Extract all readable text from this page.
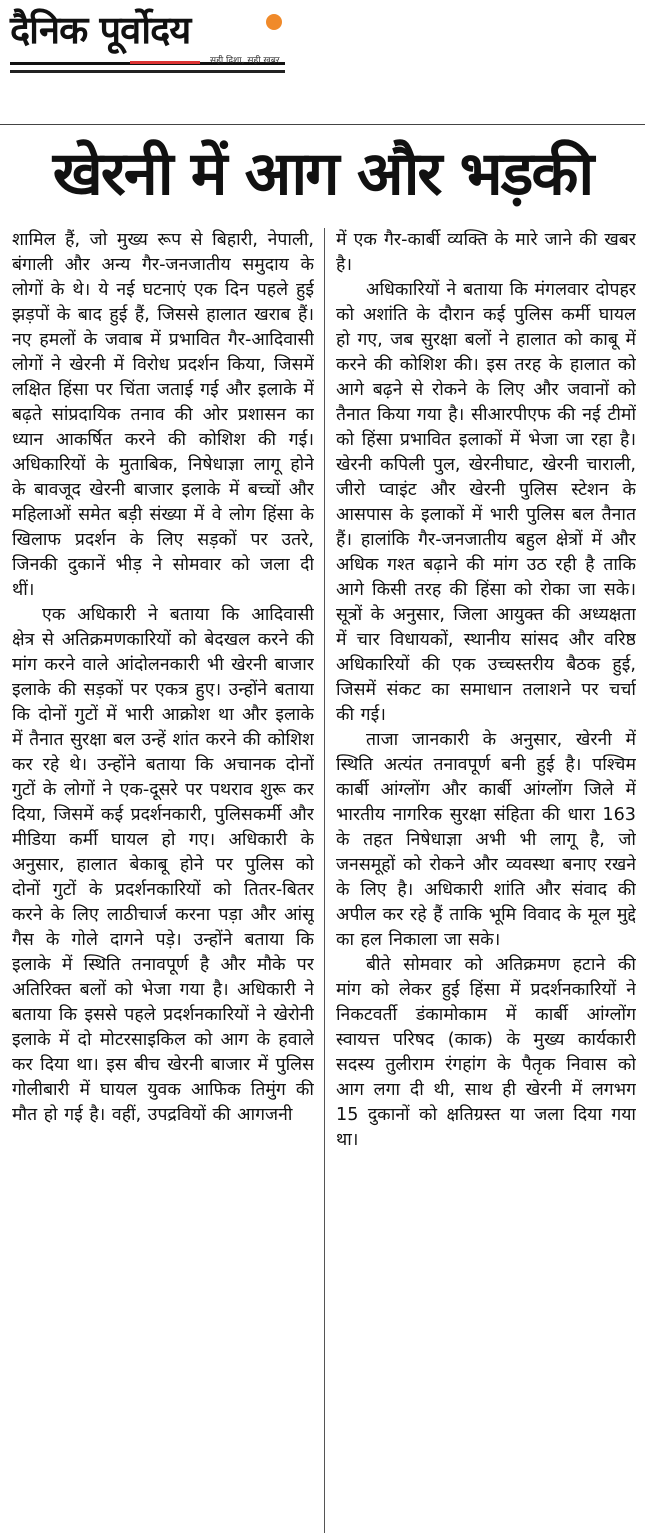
दैनिक पूर्वोदय
सही दिशा, सही खबर
खेरनी में आग और भड़की

शामिल हैं, जो मुख्य रूप से बिहारी, नेपाली, बंगाली और अन्य गैर-जनजातीय समुदाय के लोगों के थे। ये नई घटनाएं एक दिन पहले हुई झड़पों के बाद हुई हैं, जिससे हालात खराब हैं। नए हमलों के जवाब में प्रभावित गैर-आदिवासी लोगों ने खेरनी में विरोध प्रदर्शन किया, जिसमें लक्षित हिंसा पर चिंता जताई गई और इलाके में बढ़ते सांप्रदायिक तनाव की ओर प्रशासन का ध्यान आकर्षित करने की कोशिश की गई। अधिकारियों के मुताबिक, निषेधाज्ञा लागू होने के बावजूद खेरनी बाजार इलाके में बच्चों और महिलाओं समेत बड़ी संख्या में वे लोग हिंसा के खिलाफ प्रदर्शन के लिए सड़कों पर उतरे, जिनकी दुकानें भीड़ ने सोमवार को जला दी थीं।

एक अधिकारी ने बताया कि आदिवासी क्षेत्र से अतिक्रमणकारियों को बेदखल करने की मांग करने वाले आंदोलनकारी भी खेरनी बाजार इलाके की सड़कों पर एकत्र हुए। उन्होंने बताया कि दोनों गुटों में भारी आक्रोश था और इलाके में तैनात सुरक्षा बल उन्हें शांत करने की कोशिश कर रहे थे। उन्होंने बताया कि अचानक दोनों गुटों के लोगों ने एक-दूसरे पर पथराव शुरू कर दिया, जिसमें कई प्रदर्शनकारी, पुलिसकर्मी और मीडिया कर्मी घायल हो गए। अधिकारी के अनुसार, हालात बेकाबू होने पर पुलिस को दोनों गुटों के प्रदर्शनकारियों को तितर-बितर करने के लिए लाठीचार्ज करना पड़ा और आंसू गैस के गोले दागने पड़े। उन्होंने बताया कि इलाके में स्थिति तनावपूर्ण है और मौके पर अतिरिक्त बलों को भेजा गया है। अधिकारी ने बताया कि इससे पहले प्रदर्शनकारियों ने खेरोनी इलाके में दो मोटरसाइकिल को आग के हवाले कर दिया था। इस बीच खेरनी बाजार में पुलिस गोलीबारी में घायल युवक आफिक तिमुंग की मौत हो गई है। वहीं, उपद्रवियों की आगजनी

में एक गैर-कार्बी व्यक्ति के मारे जाने की खबर है।

अधिकारियों ने बताया कि मंगलवार दोपहर को अशांति के दौरान कई पुलिस कर्मी घायल हो गए, जब सुरक्षा बलों ने हालात को काबू में करने की कोशिश की। इस तरह के हालात को आगे बढ़ने से रोकने के लिए और जवानों को तैनात किया गया है। सीआरपीएफ की नई टीमों को हिंसा प्रभावित इलाकों में भेजा जा रहा है। खेरनी कपिली पुल, खेरनीघाट, खेरनी चाराली, जीरो प्वाइंट और खेरनी पुलिस स्टेशन के आसपास के इलाकों में भारी पुलिस बल तैनात हैं। हालांकि गैर-जनजातीय बहुल क्षेत्रों में और अधिक गश्त बढ़ाने की मांग उठ रही है ताकि आगे किसी तरह की हिंसा को रोका जा सके। सूत्रों के अनुसार, जिला आयुक्त की अध्यक्षता में चार विधायकों, स्थानीय सांसद और वरिष्ठ अधिकारियों की एक उच्चस्तरीय बैठक हुई, जिसमें संकट का समाधान तलाशने पर चर्चा की गई।

ताजा जानकारी के अनुसार, खेरनी में स्थिति अत्यंत तनावपूर्ण बनी हुई है। पश्चिम कार्बी आंग्लोंग और कार्बी आंग्लोंग जिले में भारतीय नागरिक सुरक्षा संहिता की धारा 163 के तहत निषेधाज्ञा अभी भी लागू है, जो जनसमूहों को रोकने और व्यवस्था बनाए रखने के लिए है। अधिकारी शांति और संवाद की अपील कर रहे हैं ताकि भूमि विवाद के मूल मुद्दे का हल निकाला जा सके।

बीते सोमवार को अतिक्रमण हटाने की मांग को लेकर हुई हिंसा में प्रदर्शनकारियों ने निकटवर्ती डंकामोकाम में कार्बी आंग्लोंग स्वायत्त परिषद (काक) के मुख्य कार्यकारी सदस्य तुलीराम रंगहांग के पैतृक निवास को आग लगा दी थी, साथ ही खेरनी में लगभग 15 दुकानों को क्षतिग्रस्त या जला दिया गया था।
